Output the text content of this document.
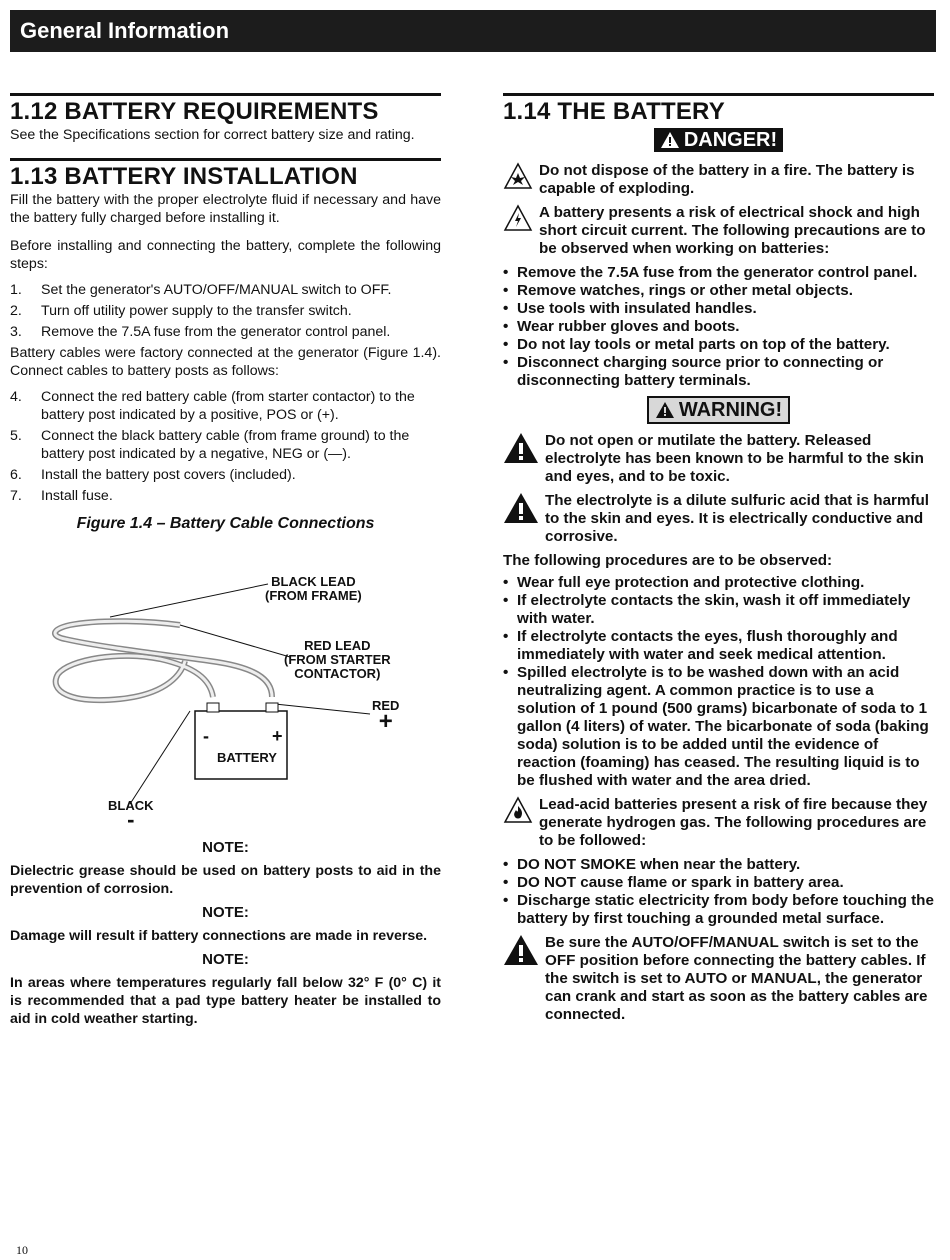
General Information
1.12 BATTERY REQUIREMENTS

See the Specifications section for correct battery size and rating.

1.13 BATTERY INSTALLATION

Fill the battery with the proper electrolyte fluid if necessary and have the battery fully charged before installing it.

Before installing and connecting the battery, complete the following steps:

1.	Set the generator's AUTO/OFF/MANUAL switch to OFF.
2.	Turn off utility power supply to the transfer switch.
3.	Remove the 7.5A fuse from the generator control panel.

Battery cables were factory connected at the generator (Figure 1.4). Connect cables to battery posts as follows:

4.	Connect the red battery cable (from starter contactor) to the battery post indicated by a positive, POS or (+).
5.	Connect the black battery cable (from frame ground) to the battery post indicated by a negative, NEG or (—).
6.	Install the battery post covers (included).
7.	Install fuse.
Figure 1.4 – Battery Cable Connections
BLACK LEAD
(FROM FRAME)
RED LEAD
(FROM STARTER
CONTACTOR)
RED
+
BLACK
-
-	+
BATTERY
NOTE:

Dielectric grease should be used on battery posts to aid in the prevention of corrosion.

NOTE:

Damage will result if battery connections are made in reverse.

NOTE:

In areas where temperatures regularly fall below 32° F (0° C) it is recommended that a pad type battery heater be installed to aid in cold weather starting.

1.14 THE BATTERY
DANGER!
Do not dispose of the battery in a fire. The battery is capable of exploding.
A battery presents a risk of electrical shock and high short circuit current. The following precautions are to be observed when working on batteries:
• Remove the 7.5A fuse from the generator control panel.
• Remove watches, rings or other metal objects.
• Use tools with insulated handles.
• Wear rubber gloves and boots.
• Do not lay tools or metal parts on top of the battery.
• Disconnect charging source prior to connecting or disconnecting battery terminals.
WARNING!
Do not open or mutilate the battery. Released electrolyte has been known to be harmful to the skin and eyes, and to be toxic.
The electrolyte is a dilute sulfuric acid that is harmful to the skin and eyes. It is electrically conductive and corrosive.
The following procedures are to be observed:
• Wear full eye protection and protective clothing.
• If electrolyte contacts the skin, wash it off immediately with water.
• If electrolyte contacts the eyes, flush thoroughly and immediately with water and seek medical attention.
• Spilled electrolyte is to be washed down with an acid neutralizing agent. A common practice is to use a solution of 1 pound (500 grams) bicarbonate of soda to 1 gallon (4 liters) of water. The bicarbonate of soda (baking soda) solution is to be added until the evidence of reaction (foaming) has ceased. The resulting liquid is to be flushed with water and the area dried.
Lead-acid batteries present a risk of fire because they generate hydrogen gas. The following procedures are to be followed:
• DO NOT SMOKE when near the battery.
• DO NOT cause flame or spark in battery area.
• Discharge static electricity from body before touching the battery by first touching a grounded metal surface.
Be sure the AUTO/OFF/MANUAL switch is set to the OFF position before connecting the battery cables. If the switch is set to AUTO or MANUAL, the generator can crank and start as soon as the battery cables are connected.
10
